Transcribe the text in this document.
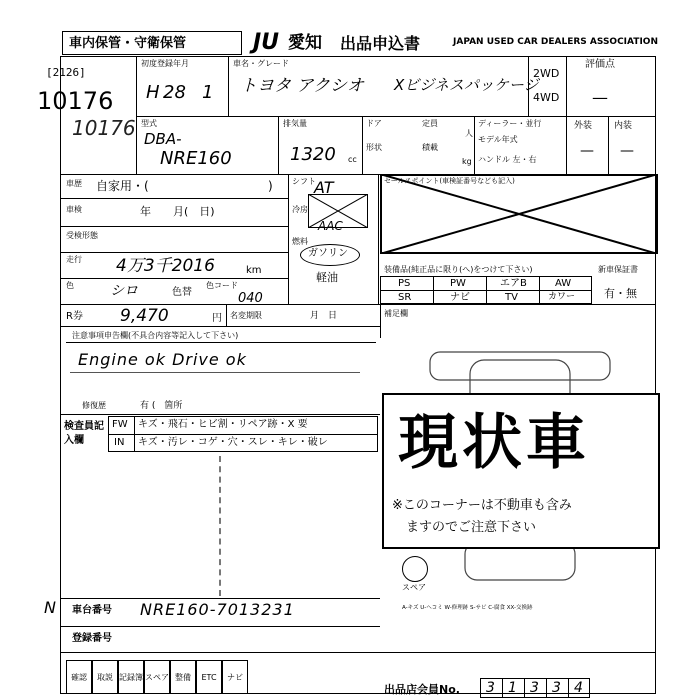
車内保管・守衛保管	JU 愛知 出品申込書	JAPAN USED CAR DEALERS ASSOCIATION
[2126]
10176
10176
初度登録年月
H 28 1
車名・グレード
トヨタ アクシオ Xビジネスパッケージ
2WD
4WD
評価点
—
型式
DBA-
NRE160
排気量
1320 cc
ドア	定員
人
形状	積載
kg
ディーラー・並行
モデル年式
ハンドル 左・右
外装 内装
— —
車歴 自家用・(	)
車検	年　　月(　日)
受検形態
走行 4万3千2016	km
色	シロ	色替
色コード
040
シフト
AT
冷房
AAC
燃料
ガソリン
軽油
セールスポイント(車検証番号なども記入)
装備品(純正品に限り(へ)をつけて下さい)
PS	PW	エアB	AW
SR	ナビ	TV	カワー
新車保証書
有・無
R券 9,470	円 名変期限	月　日	補足欄
注意事項申告欄(不具合内容等記入して下さい)
Engine ok Drive ok
修復歴	有 (　箇所
検査員記入欄
FW キズ・飛石・ヒビ割・リペア跡・X 要
IN キズ・汚レ・コゲ・穴・スレ・キレ・破レ 現状車
※このコーナーは不動車も含み
ますのでご注意下さい
スペア
A-キズ U-ヘコミ W-修理跡 S-サビ C-腐食 XX-交換跡
N 車台番号 NRE160-7013231
登録番号
確認 取説 記録簿 スペア 整備 ETC ナビ
出品店会員No. 3 1 3 3 4
